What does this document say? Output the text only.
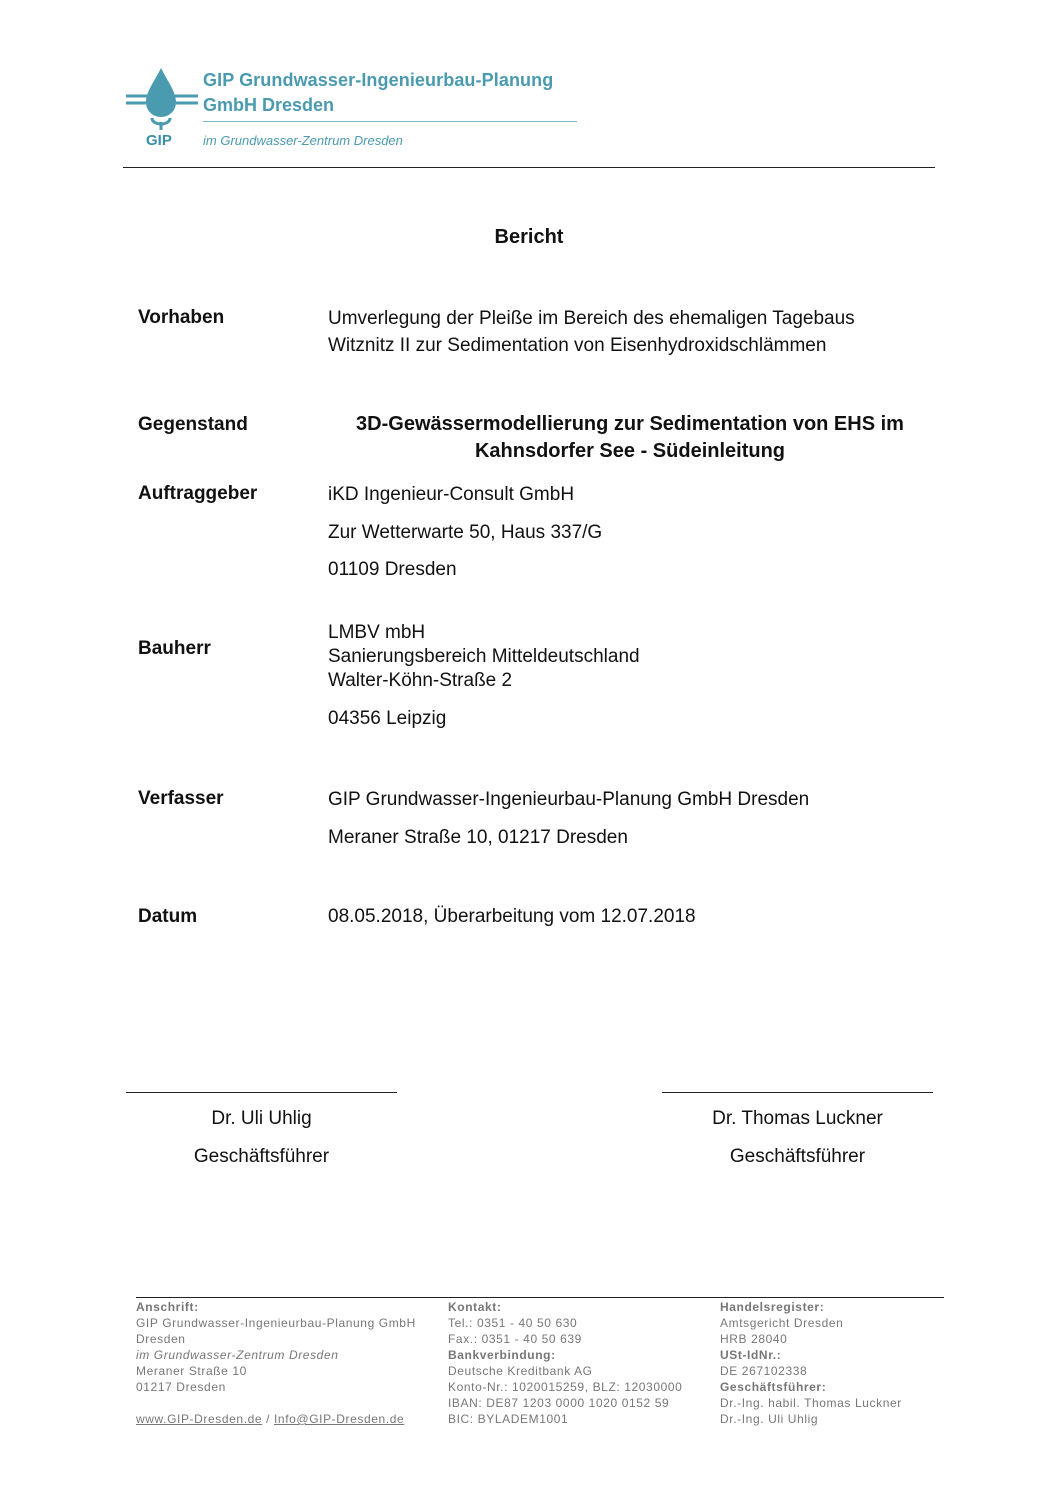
GIP
GIP Grundwasser-Ingenieurbau-Planung
GmbH Dresden
im Grundwasser-Zentrum Dresden
Bericht
Vorhaben	Umverlegung der Pleiße im Bereich des ehemaligen Tagebaus
Witznitz II zur Sedimentation von Eisenhydroxidschlämmen
Gegenstand	3D-Gewässermodellierung zur Sedimentation von EHS im
Kahnsdorfer See - Südeinleitung
Auftraggeber	iKD Ingenieur-Consult GmbH
Zur Wetterwarte 50, Haus 337/G
01109 Dresden
Bauherr
LMBV mbH
Sanierungsbereich Mitteldeutschland
Walter-Köhn-Straße 2
04356 Leipzig
Verfasser	GIP Grundwasser-Ingenieurbau-Planung GmbH Dresden
Meraner Straße 10, 01217 Dresden
Datum	08.05.2018, Überarbeitung vom 12.07.2018
Dr. Uli Uhlig
Geschäftsführer
Dr. Thomas Luckner
Geschäftsführer
Anschrift:
GIP Grundwasser-Ingenieurbau-Planung GmbH
Dresden
im Grundwasser-Zentrum Dresden
Meraner Straße 10
01217 Dresden
www.GIP-Dresden.de / Info@GIP-Dresden.de
Kontakt:
Tel.: 0351 - 40 50 630
Fax.: 0351 - 40 50 639
Bankverbindung:
Deutsche Kreditbank AG
Konto-Nr.: 1020015259, BLZ: 12030000
IBAN: DE87 1203 0000 1020 0152 59
BIC: BYLADEM1001
Handelsregister:
Amtsgericht Dresden
HRB 28040
USt-IdNr.:
DE 267102338
Geschäftsführer:
Dr.-Ing. habil. Thomas Luckner
Dr.-Ing. Uli Uhlig
